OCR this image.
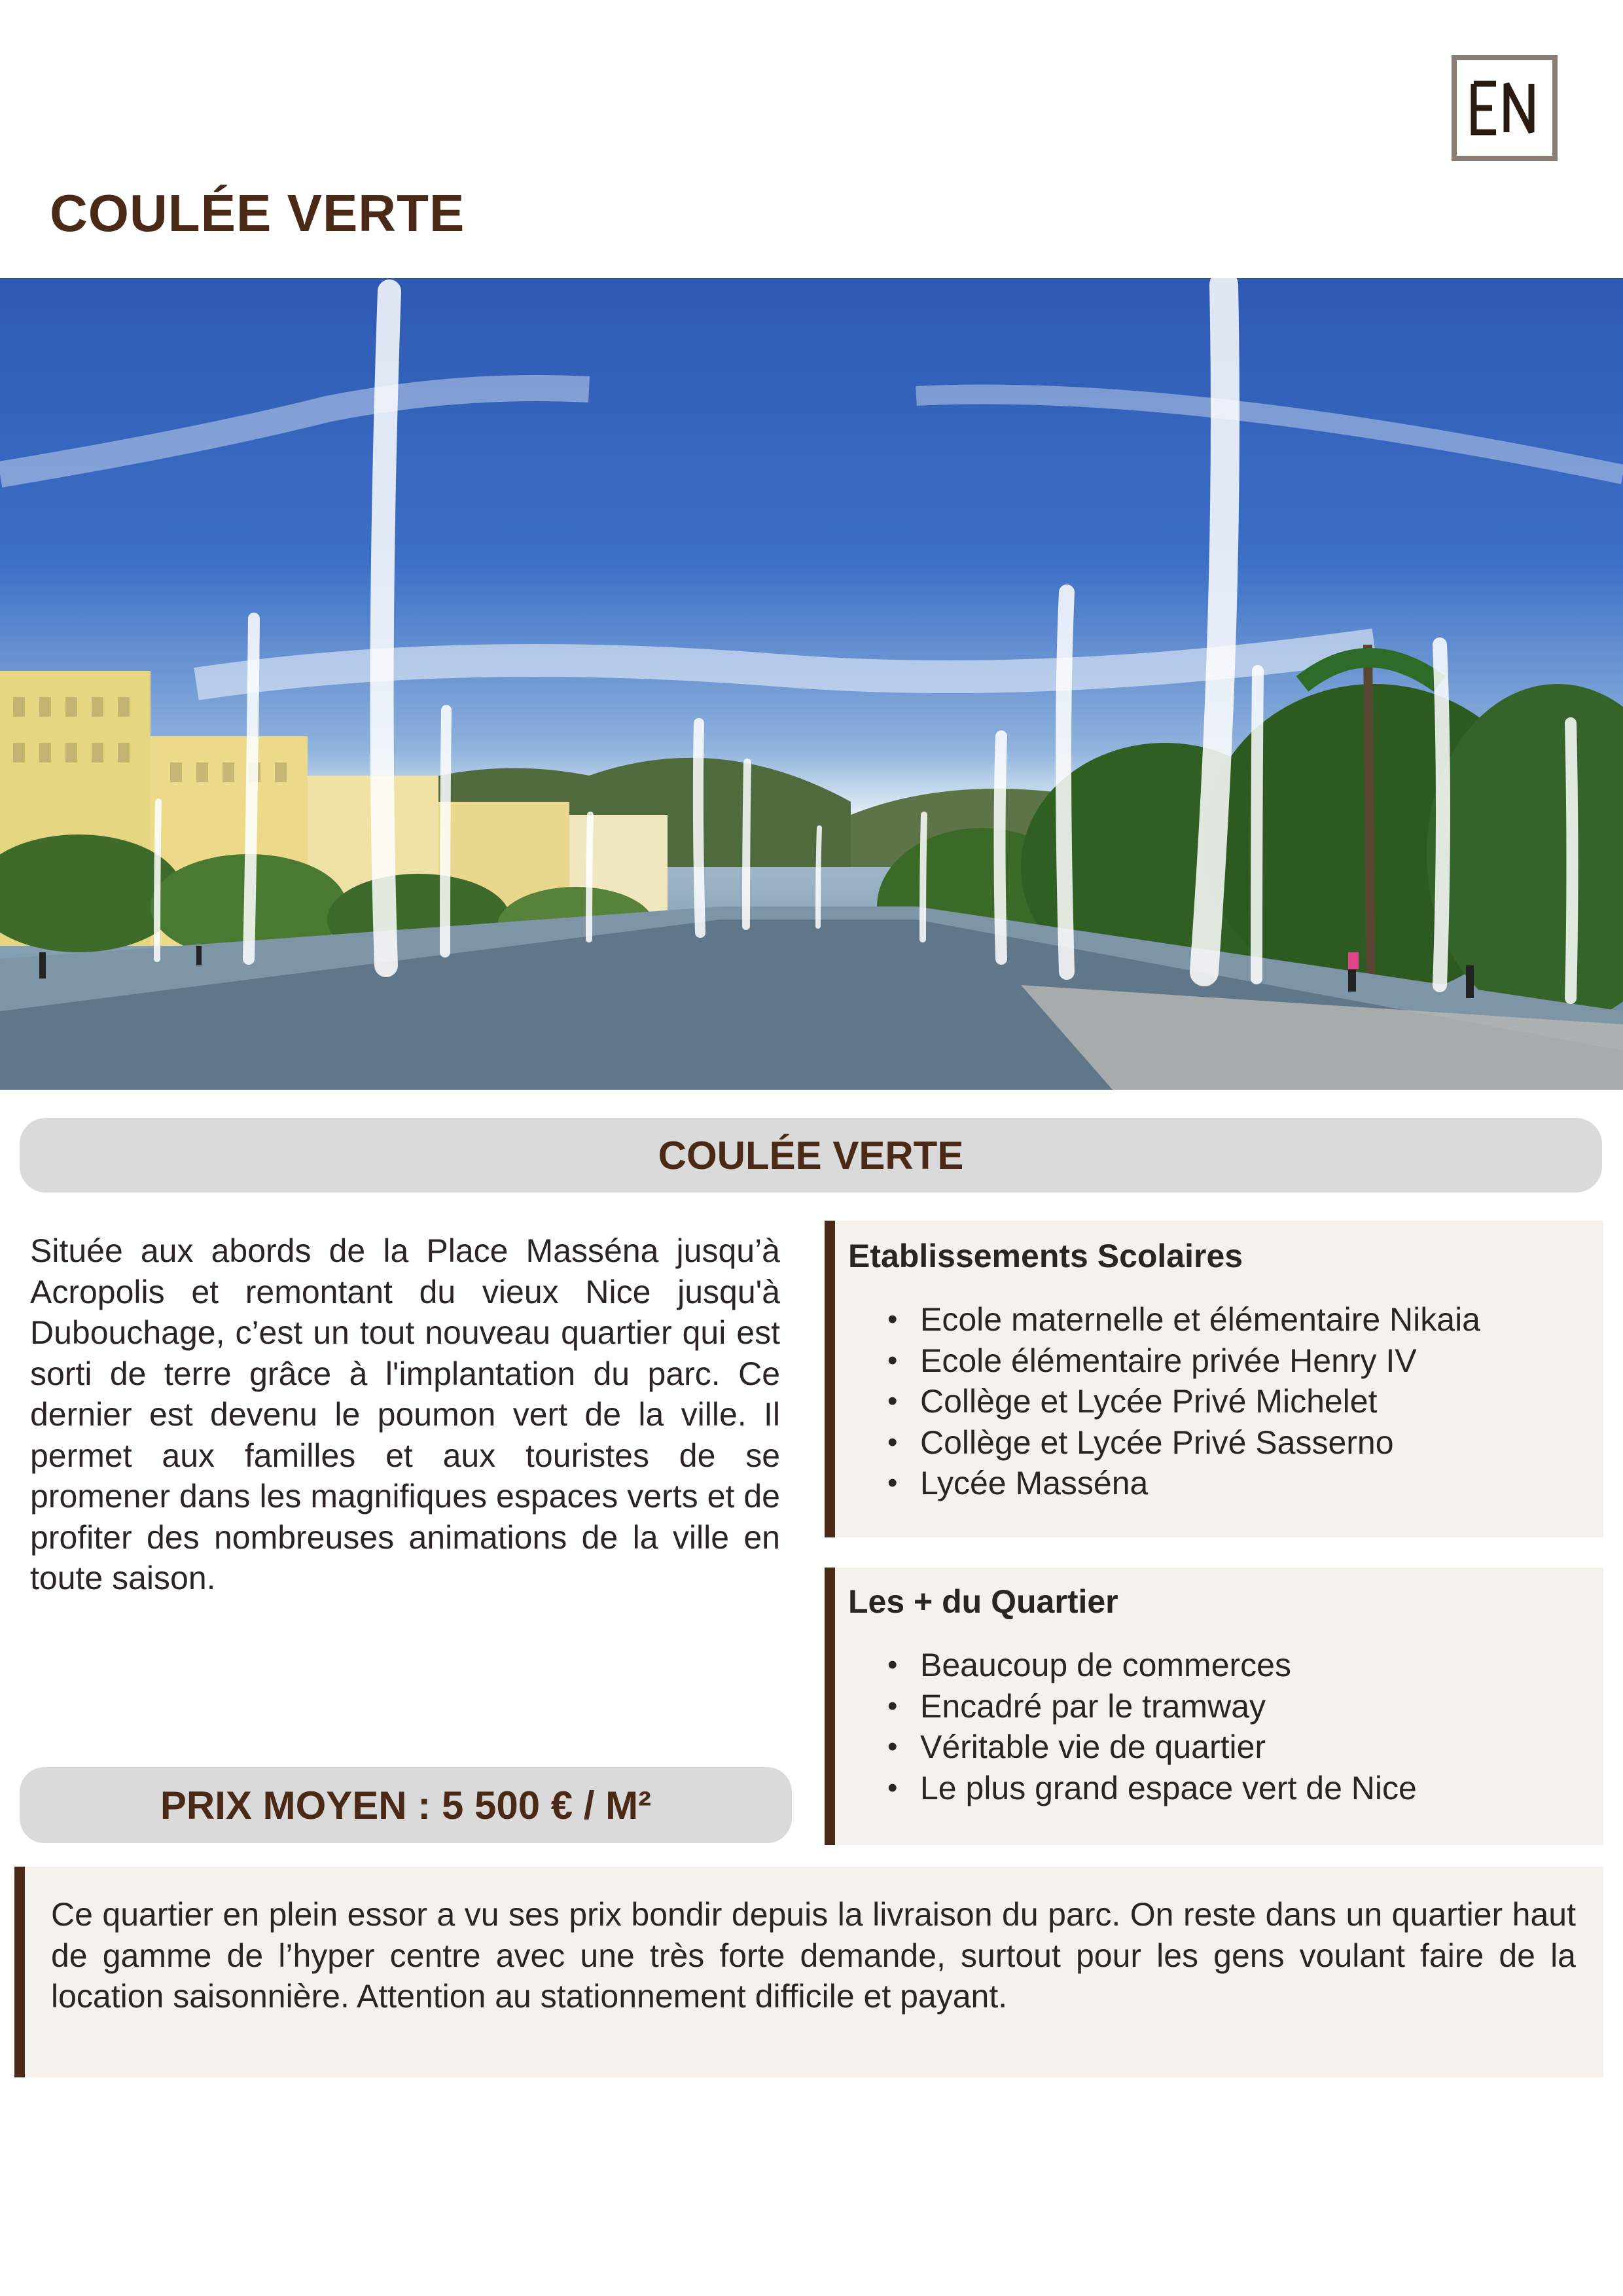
COULÉE VERTE
COULÉE VERTE

Située aux abords de la Place Masséna jusqu’à Acropolis et remontant du vieux Nice jusqu'à Dubouchage, c’est un tout nouveau quartier qui est sorti de terre grâce à l'implantation du parc. Ce dernier est devenu le poumon vert de la ville. Il permet aux familles et aux touristes de se promener dans les magnifiques espaces verts et de profiter des nombreuses animations de la ville en toute saison.

PRIX MOYEN : 5 500 € / M²
Etablissements Scolaires
• Ecole maternelle et élémentaire Nikaia
• Ecole élémentaire privée Henry IV
• Collège et Lycée Privé Michelet
• Collège et Lycée Privé Sasserno
• Lycée Masséna
Les + du Quartier
• Beaucoup de commerces
• Encadré par le tramway
• Véritable vie de quartier
• Le plus grand espace vert de Nice

Ce quartier en plein essor a vu ses prix bondir depuis la livraison du parc. On reste dans un quartier haut de gamme de l’hyper centre avec une très forte demande, surtout pour les gens voulant faire de la location saisonnière. Attention au stationnement difficile et payant.
